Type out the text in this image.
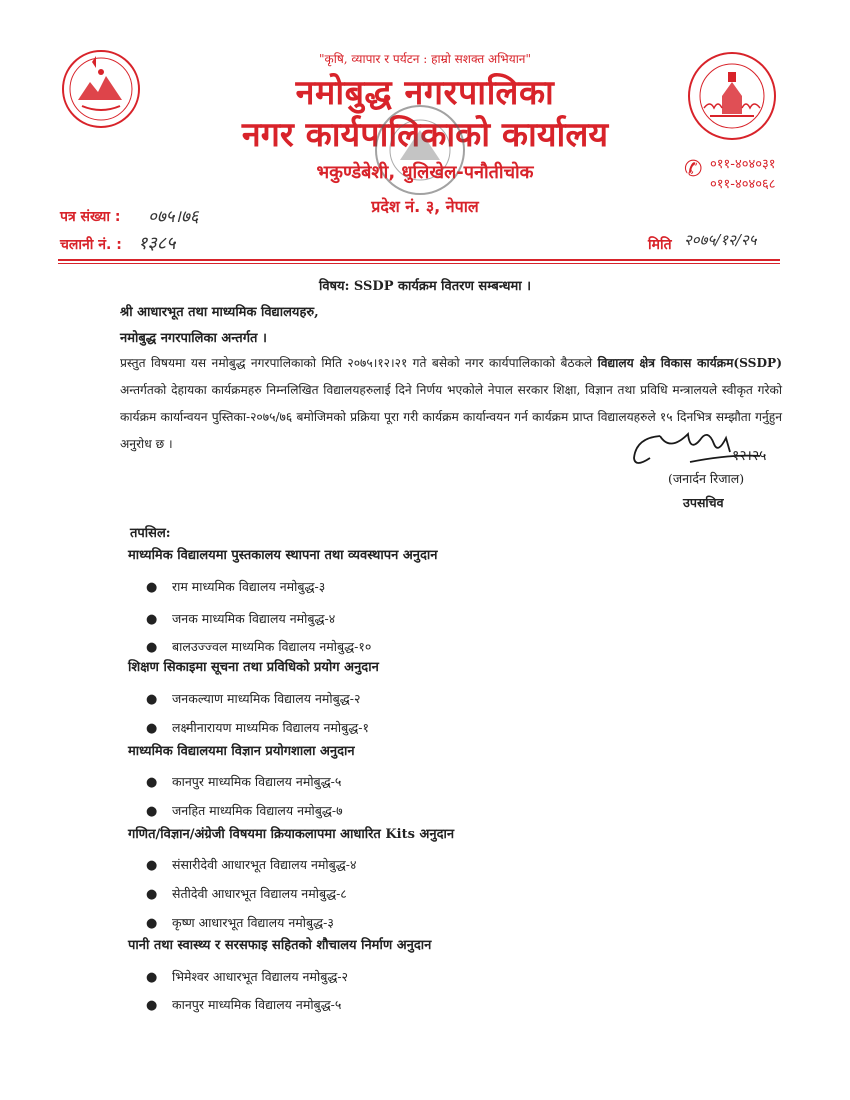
"कृषि, व्यापार र पर्यटन : हाम्रो सशक्त अभियान"
नमोबुद्ध नगरपालिका
नगर कार्यपालिकाको कार्यालय
भकुण्डेबेशी, धुलिखेल-पनौतीचोक
प्रदेश नं. ३, नेपाल
✆ ०११-४०४०३१
०११-४०४०६८
पत्र संख्या : ०७५।७६
चलानी नं. : १३८५	मिति २०७५/१२/२५
विषय: SSDP कार्यक्रम वितरण सम्बन्धमा ।
श्री आधारभूत तथा माध्यमिक विद्यालयहरु,
नमोबुद्ध नगरपालिका अन्तर्गत ।
प्रस्तुत विषयमा यस नमोबुद्ध नगरपालिकाको मिति २०७५।१२।२१ गते बसेको नगर कार्यपालिकाको बैठकले विद्यालय क्षेत्र विकास कार्यक्रम(SSDP) अन्तर्गतको देहायका कार्यक्रमहरु निम्नलिखित विद्यालयहरुलाई दिने निर्णय भएकोले नेपाल सरकार शिक्षा, विज्ञान तथा प्रविधि मन्त्रालयले स्वीकृत गरेको कार्यक्रम कार्यान्वयन पुस्तिका-२०७५/७६ बमोजिमको प्रक्रिया पूरा गरी कार्यक्रम कार्यान्वयन गर्न कार्यक्रम प्राप्त विद्यालयहरुले १५ दिनभित्र सम्झौता गर्नुहुन अनुरोध छ ।
१२।२५
(जनार्दन रिजाल)
उपसचिव
तपसिल:
माध्यमिक विद्यालयमा पुस्तकालय स्थापना तथा व्यवस्थापन अनुदान
● राम माध्यमिक विद्यालय नमोबुद्ध-३
● जनक माध्यमिक विद्यालय नमोबुद्ध-४
● बालउज्ज्वल माध्यमिक विद्यालय नमोबुद्ध-१०
शिक्षण सिकाइमा सूचना तथा प्रविधिको प्रयोग अनुदान
● जनकल्याण माध्यमिक विद्यालय नमोबुद्ध-२
● लक्ष्मीनारायण माध्यमिक विद्यालय नमोबुद्ध-१
माध्यमिक विद्यालयमा विज्ञान प्रयोगशाला अनुदान
● कानपुर माध्यमिक विद्यालय नमोबुद्ध-५
● जनहित माध्यमिक विद्यालय नमोबुद्ध-७
गणित/विज्ञान/अंग्रेजी विषयमा क्रियाकलापमा आधारित Kits अनुदान
● संसारीदेवी आधारभूत विद्यालय नमोबुद्ध-४
● सेतीदेवी आधारभूत विद्यालय नमोबुद्ध-८
● कृष्ण आधारभूत विद्यालय नमोबुद्ध-३
पानी तथा स्वास्थ्य र सरसफाइ सहितको शौचालय निर्माण अनुदान
● भिमेश्वर आधारभूत विद्यालय नमोबुद्ध-२
● कानपुर माध्यमिक विद्यालय नमोबुद्ध-५
